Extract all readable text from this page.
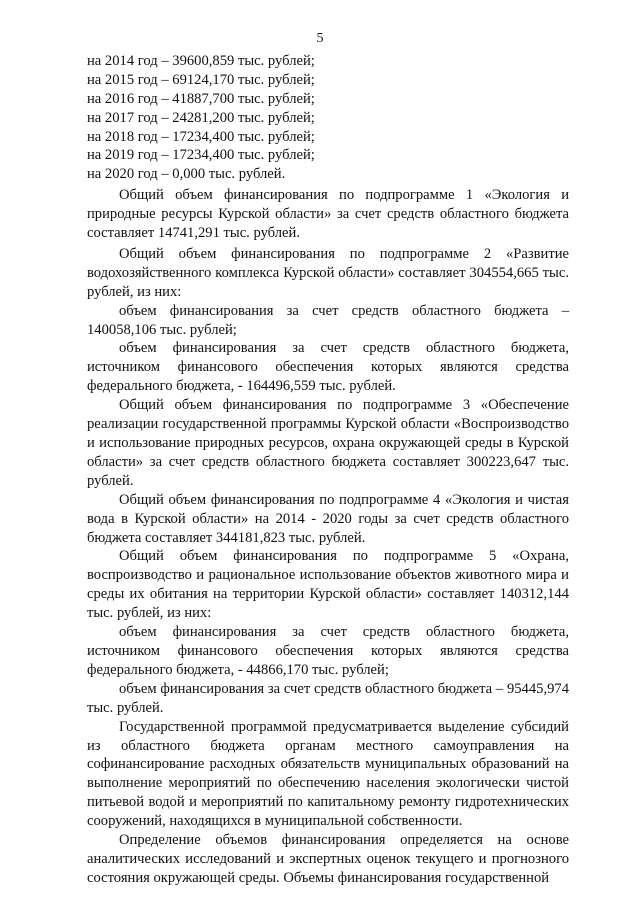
5
на 2014 год – 39600,859 тыс. рублей;
на 2015 год – 69124,170 тыс. рублей;
на 2016 год – 41887,700 тыс. рублей;
на 2017 год – 24281,200 тыс. рублей;
на 2018 год – 17234,400 тыс. рублей;
на 2019 год – 17234,400 тыс. рублей;
на 2020 год – 0,000 тыс. рублей.

Общий объем финансирования по подпрограмме 1 «Экология и природные ресурсы Курской области» за счет средств областного бюджета составляет 14741,291 тыс. рублей.

Общий объем финансирования по подпрограмме 2 «Развитие водохозяйственного комплекса Курской области» составляет 304554,665 тыс. рублей, из них:

объем финансирования за счет средств областного бюджета – 140058,106 тыс. рублей;

объем финансирования за счет средств областного бюджета, источником финансового обеспечения которых являются средства федерального бюджета, - 164496,559 тыс. рублей.

Общий объем финансирования по подпрограмме 3 «Обеспечение реализации государственной программы Курской области «Воспроизводство и использование природных ресурсов, охрана окружающей среды в Курской области» за счет средств областного бюджета составляет 300223,647 тыс. рублей.

Общий объем финансирования по подпрограмме 4 «Экология и чистая вода в Курской области» на 2014 - 2020 годы за счет средств областного бюджета составляет 344181,823 тыс. рублей.

Общий объем финансирования по подпрограмме 5 «Охрана, воспроизводство и рациональное использование объектов животного мира и среды их обитания на территории Курской области» составляет 140312,144 тыс. рублей, из них:

объем финансирования за счет средств областного бюджета, источником финансового обеспечения которых являются средства федерального бюджета, - 44866,170 тыс. рублей;

объем финансирования за счет средств областного бюджета – 95445,974 тыс. рублей.

Государственной программой предусматривается выделение субсидий из областного бюджета органам местного самоуправления на софинансирование расходных обязательств муниципальных образований на выполнение мероприятий по обеспечению населения экологически чистой питьевой водой и мероприятий по капитальному ремонту гидротехнических сооружений, находящихся в муниципальной собственности.

Определение объемов финансирования определяется на основе аналитических исследований и экспертных оценок текущего и прогнозного состояния окружающей среды. Объемы финансирования государственной
